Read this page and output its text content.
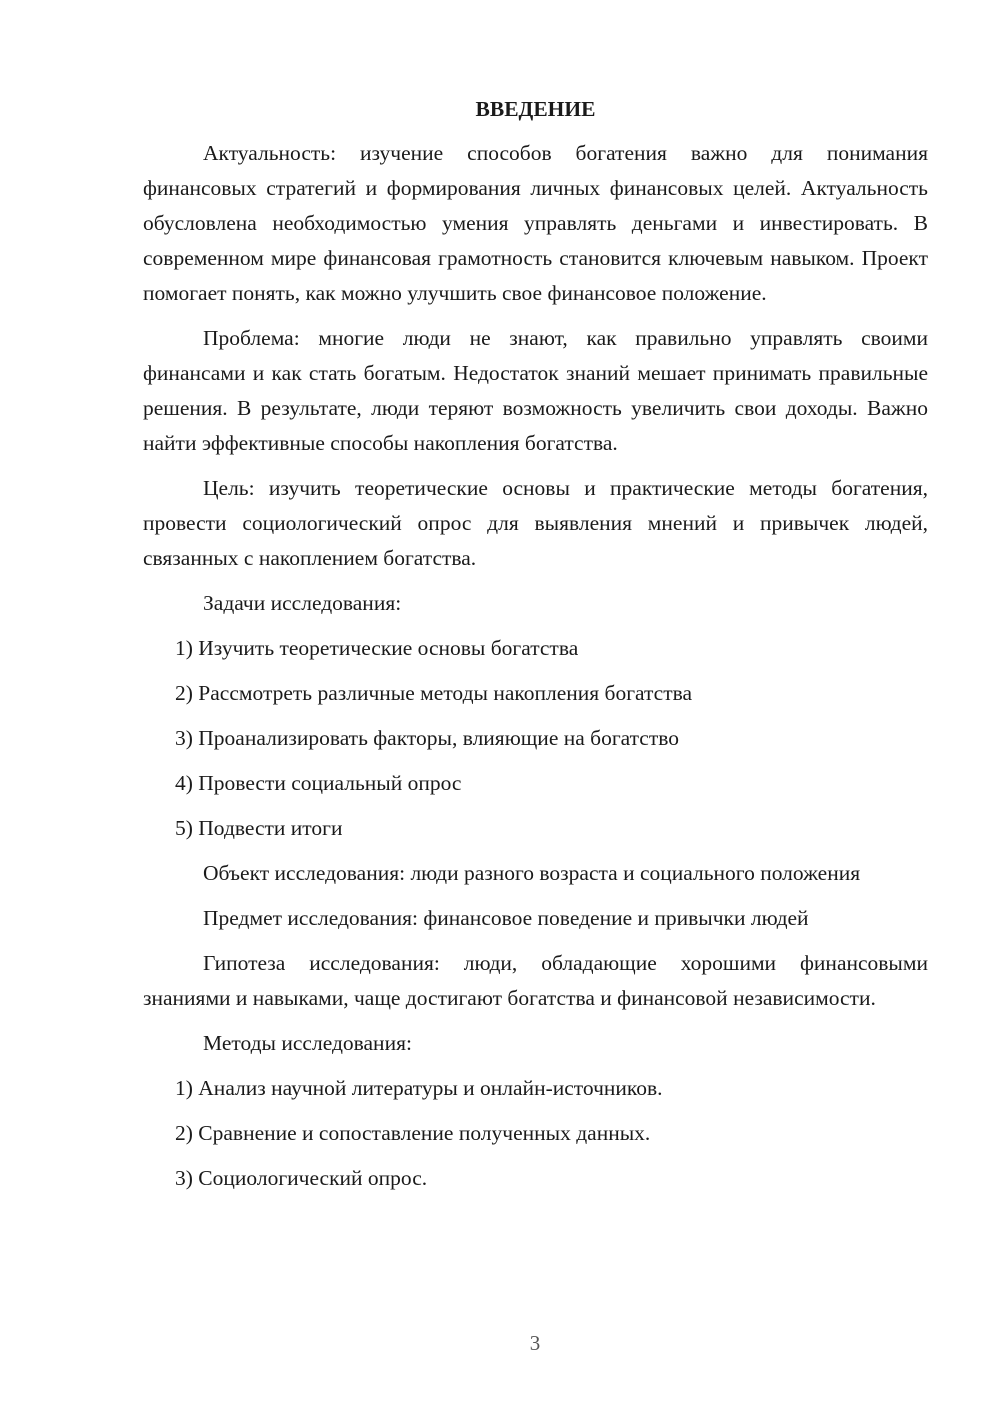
ВВЕДЕНИЕ

Актуальность: изучение способов богатения важно для понимания финансовых стратегий и формирования личных финансовых целей. Актуальность обусловлена необходимостью умения управлять деньгами и инвестировать. В современном мире финансовая грамотность становится ключевым навыком. Проект помогает понять, как можно улучшить свое финансовое положение.

Проблема: многие люди не знают, как правильно управлять своими финансами и как стать богатым. Недостаток знаний мешает принимать правильные решения. В результате, люди теряют возможность увеличить свои доходы. Важно найти эффективные способы накопления богатства.

Цель: изучить теоретические основы и практические методы богатения, провести социологический опрос для выявления мнений и привычек людей, связанных с накоплением богатства.

Задачи исследования:

1) Изучить теоретические основы богатства

2) Рассмотреть различные методы накопления богатства

3) Проанализировать факторы, влияющие на богатство

4) Провести социальный опрос

5) Подвести итоги

Объект исследования: люди разного возраста и социального положения

Предмет исследования: финансовое поведение и привычки людей

Гипотеза исследования: люди, обладающие хорошими финансовыми знаниями и навыками, чаще достигают богатства и финансовой независимости.

Методы исследования:

1) Анализ научной литературы и онлайн-источников.

2) Сравнение и сопоставление полученных данных.

3) Социологический опрос.

3
